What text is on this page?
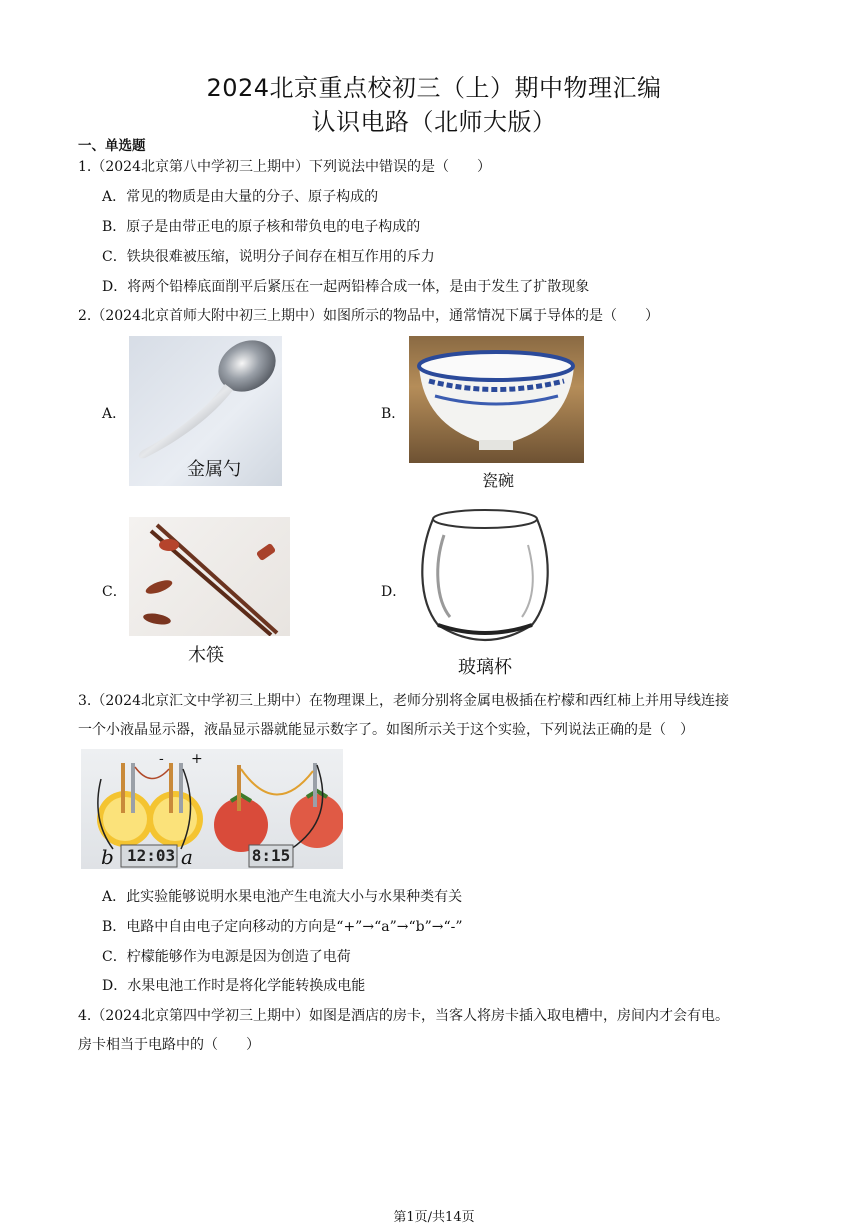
2024北京重点校初三（上）期中物理汇编
认识电路（北师大版）
一、单选题
1.（2024北京第八中学初三上期中）下列说法中错误的是（　　）
A．常见的物质是由大量的分子、原子构成的
B．原子是由带正电的原子核和带负电的电子构成的
C．铁块很难被压缩，说明分子间存在相互作用的斥力
D．将两个铅棒底面削平后紧压在一起两铅棒合成一体，是由于发生了扩散现象
2.（2024北京首师大附中初三上期中）如图所示的物品中，通常情况下属于导体的是（　　）
A．
金属勺
B．
瓷碗
C．
木筷
D．
玻璃杯
3.（2024北京汇文中学初三上期中）在物理课上，老师分别将金属电极插在柠檬和西红柿上并用导线连接
一个小液晶显示器，液晶显示器就能显示数字了。如图所示关于这个实验，下列说法正确的是（　）
12:03	8:15
b	a
- +
A．此实验能够说明水果电池产生电流大小与水果种类有关
B．电路中自由电子定向移动的方向是“+”→“a”→“b”→“-”
C．柠檬能够作为电源是因为创造了电荷
D．水果电池工作时是将化学能转换成电能
4.（2024北京第四中学初三上期中）如图是酒店的房卡，当客人将房卡插入取电槽中，房间内才会有电。
房卡相当于电路中的（　　）
第1页/共14页
